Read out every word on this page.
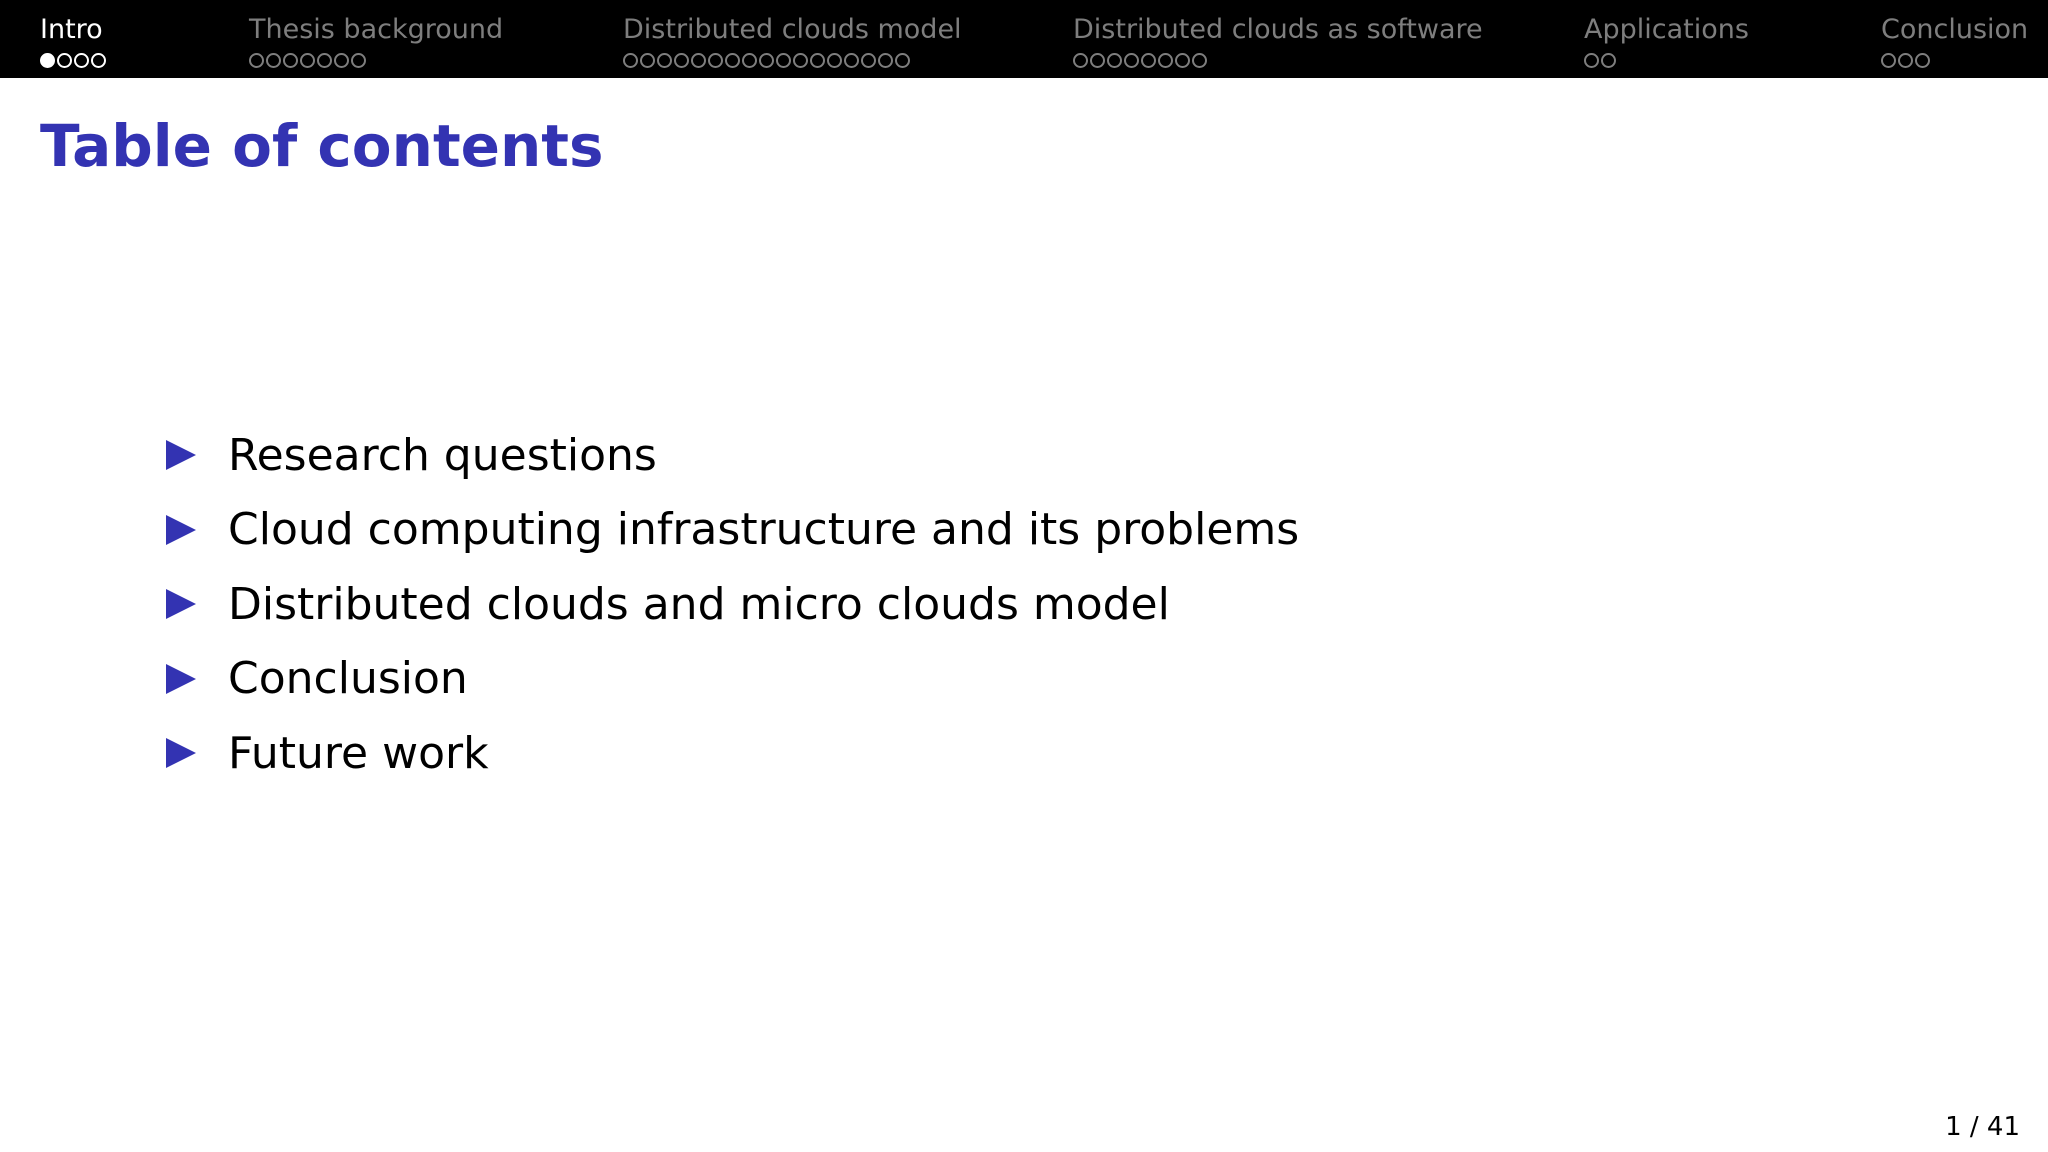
Intro	Thesis background	Distributed clouds model	Distributed clouds as software	Applications	Conclusion
Table of contents
Research questions
Cloud computing infrastructure and its problems
Distributed clouds and micro clouds model
Conclusion
Future work
1 / 41
